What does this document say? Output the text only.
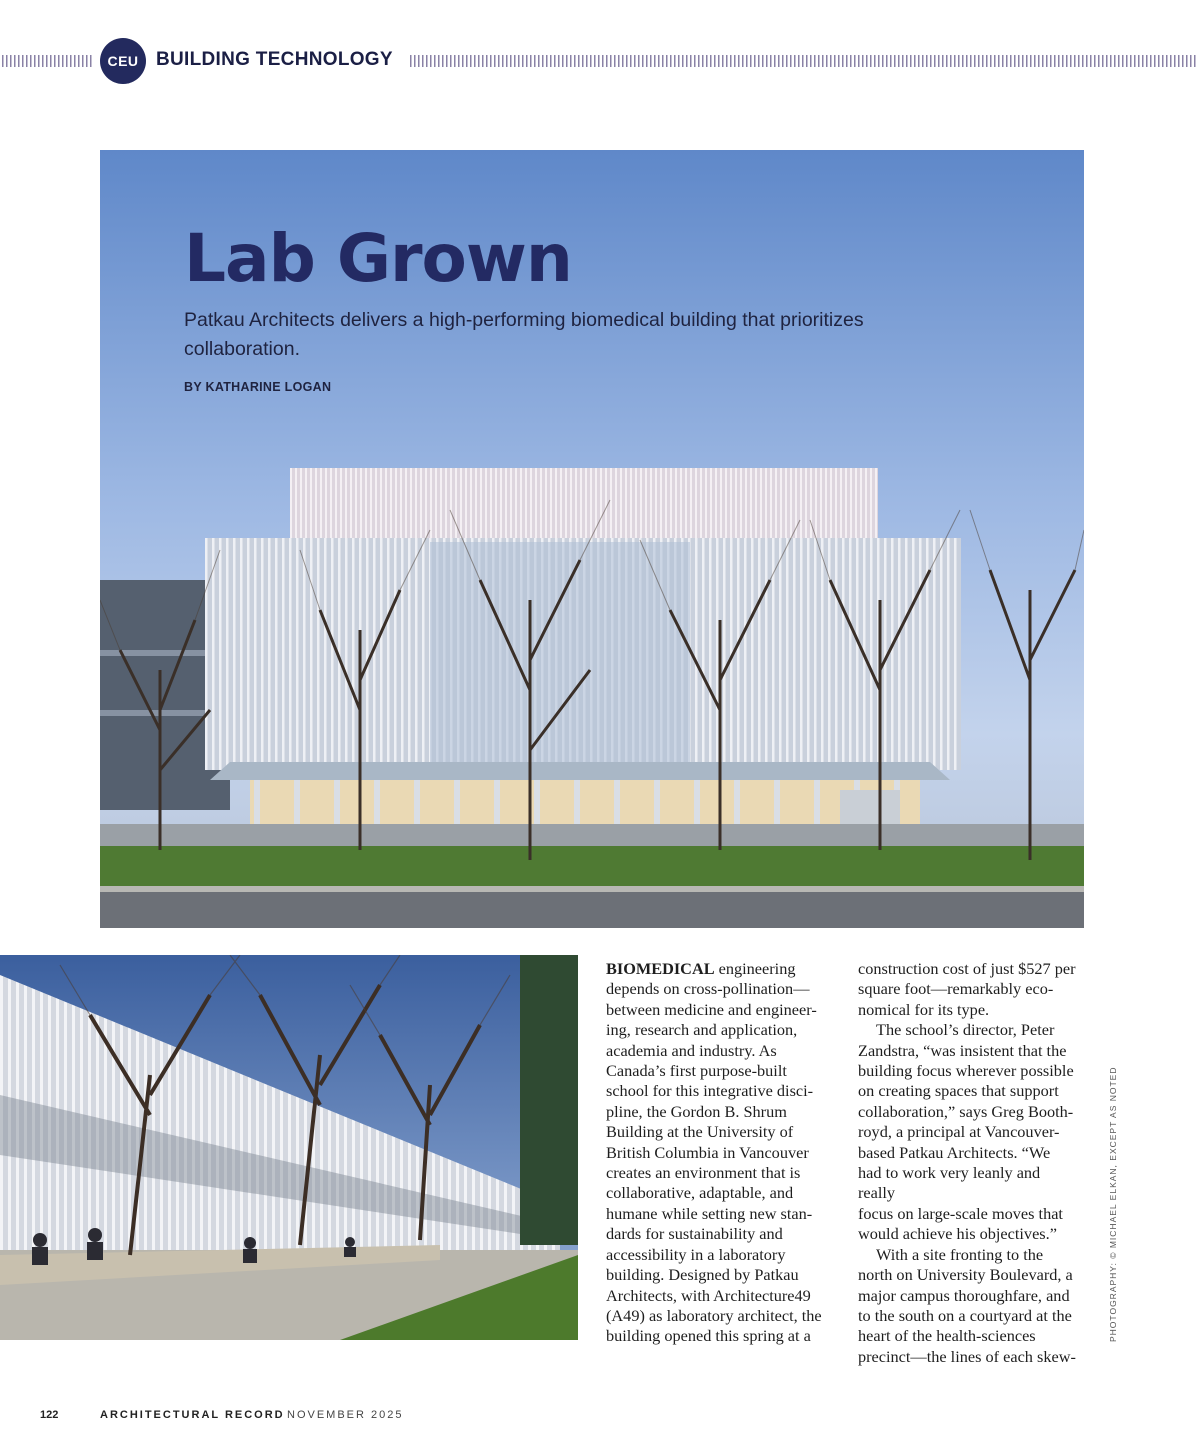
CEU BUILDING TECHNOLOGY
Lab Grown

Patkau Architects delivers a high-performing biomedical building that prioritizes collaboration.

BY KATHARINE LOGAN

BIOMEDICAL engineering
depends on cross-pollination—
between medicine and engineer-
ing, research and application,
academia and industry. As
Canada’s first purpose-built
school for this integrative disci-
pline, the Gordon B. Shrum
Building at the University of
British Columbia in Vancouver
creates an environment that is
collaborative, adaptable, and
humane while setting new stan-
dards for sustainability and
accessibility in a laboratory
building. Designed by Patkau
Architects, with Architecture49
(A49) as laboratory architect, the
building opened this spring at a

construction cost of just $527 per
square foot—remarkably eco-
nomical for its type.

The school’s director, Peter
Zandstra, “was insistent that the
building focus wherever possible
on creating spaces that support
collaboration,” says Greg Booth-
royd, a principal at Vancouver-
based Patkau Architects. “We
had to work very leanly and really
focus on large-scale moves that
would achieve his objectives.”

With a site fronting to the
north on University Boulevard, a
major campus thoroughfare, and
to the south on a courtyard at the
heart of the health-sciences
precinct—the lines of each skew-

PHOTOGRAPHY: © MICHAEL ELKAN, EXCEPT AS NOTED
122	ARCHITECTURAL RECORD NOVEMBER 2025
